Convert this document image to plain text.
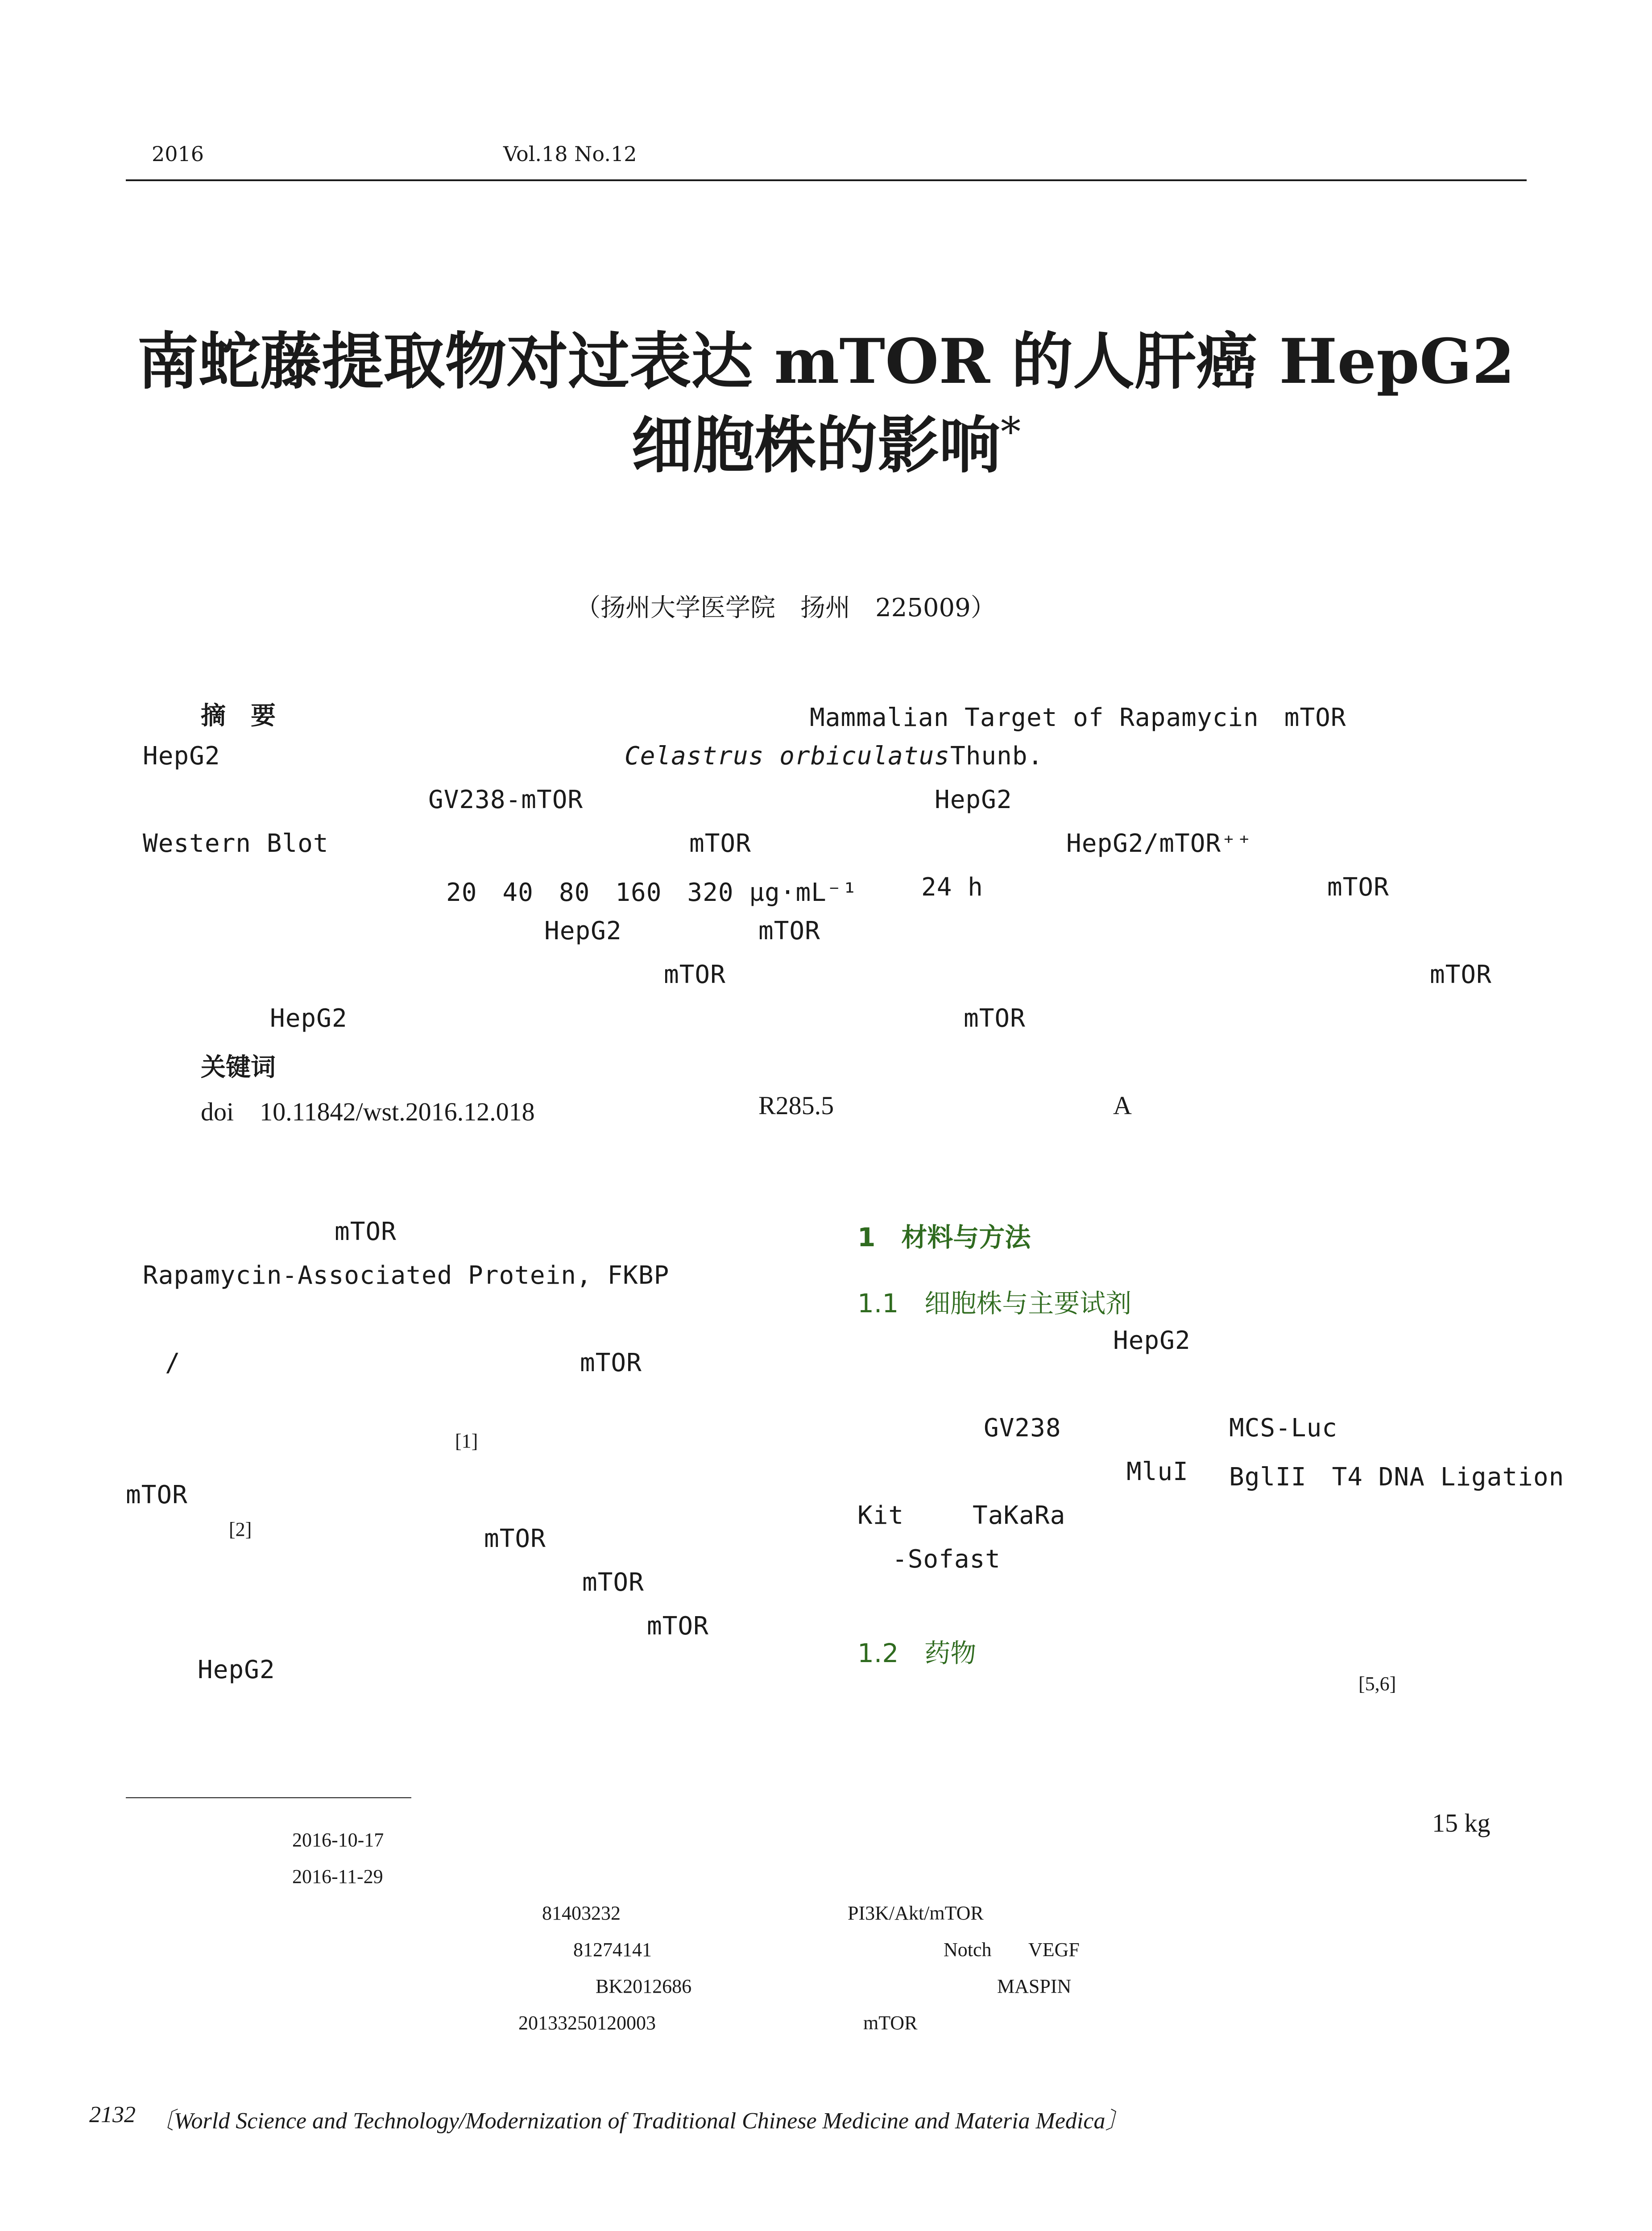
2016	Vol.18 No.12
南蛇藤提取物对过表达 mTOR 的人肝癌 HepG2
细胞株的影响*
（扬州大学医学院　扬州　225009）
摘　要	Mammalian Target of Rapamycin　mTOR
HepG2	Celastrus orbiculatus Thunb.
GV238-mTOR	HepG2
Western Blot	mTOR	HepG2/mTOR⁺⁺
20　40　80　160　320 μg·mL⁻¹	24 h	mTOR
HepG2	mTOR
mTOR	mTOR
HepG2	mTOR
关键词
doi　10.11842/wst.2016.12.018	R285.5	A
mTOR
Rapamycin-Associated Protein, FKBP
/	mTOR
[1]
mTOR
[2]	mTOR
mTOR
mTOR
HepG2
1　材料与方法
1.1　细胞株与主要试剂
HepG2
GV238	MCS-Luc
MluI BglII　T4 DNA Ligation
Kit	TaKaRa
-Sofast
1.2　药物
[5,6]
15 kg
2016-10-17
2016-11-29
81403232	PI3K/Akt/mTOR
81274141	Notch VEGF
BK2012686	MASPIN
20133250120003	mTOR
2132 〔World Science and Technology/Modernization of Traditional Chinese Medicine and Materia Medica〕
